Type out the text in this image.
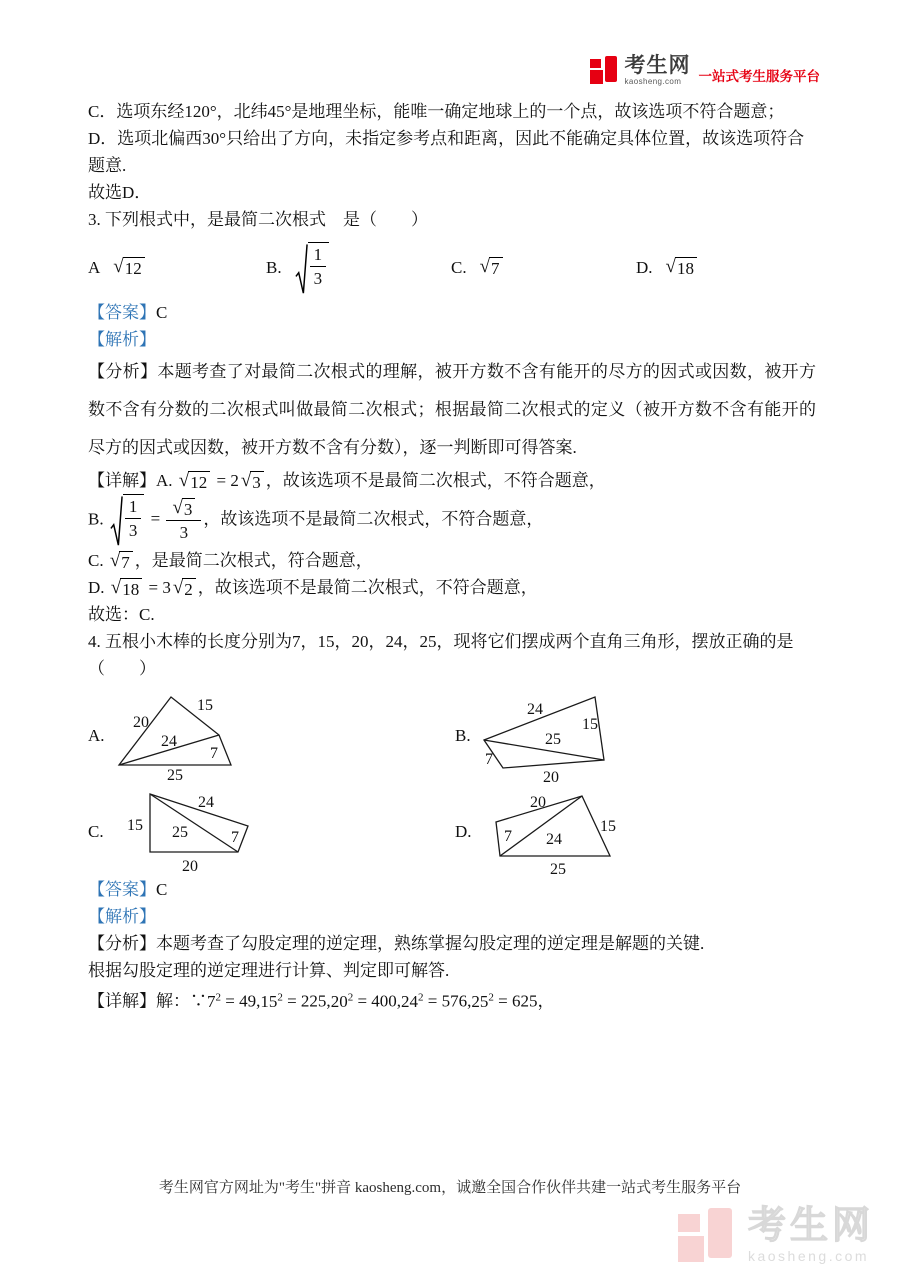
考生网
kaosheng.com	一站式考生服务平台

C．选项东经120°，北纬45°是地理坐标，能唯一确定地球上的一个点，故该选项不符合题意；

D．选项北偏西30°只给出了方向，未指定参考点和距离，因此不能确定具体位置，故该选项符合题意.

故选D．

3. 下列根式中，是最简二次根式　是（　　）

A √ 12	B. $\frac{1}{3}$	C. √ 7	D. √ 18

【答案】C

【解析】

【分析】本题考查了对最简二次根式的理解，被开方数不含有能开的尽方的因式或因数，被开方数不含有分数的二次根式叫做最简二次根式；根据最简二次根式的定义（被开方数不含有能开的尽方的因式或因数，被开方数不含有分数），逐一判断即可得答案.

【详解】A. √ 12 = 2 √ 3 ，故该选项不是最简二次根式，不符合题意，

B. $\frac{1}{3} = \frac{√ 3}{3}$ ，故该选项不是最简二次根式，不符合题意，

C. √ 7 ，是最简二次根式，符合题意，

D. √ 18 = 3 √ 2 ，故该选项不是最简二次根式，不符合题意，

故选：C.

4. 五根小木棒的长度分别为7，15，20，24，25，现将它们摆成两个直角三角形，摆放正确的是（　　）

A.
20
15
24
7
25
B.
24
15
25
7
20
C. 15
24
25	7
20
D.
20
7 24
15
25

【答案】C

【解析】

【分析】本题考查了勾股定理的逆定理，熟练掌握勾股定理的逆定理是解题的关键.

根据勾股定理的逆定理进行计算、判定即可解答.

【详解】解：$\because 7^2 = 49,15^2 = 225,20^2 = 400,24^2 = 576,25^2 = 625$，

考生网官方网址为"考生"拼音 kaosheng.com，诚邀全国合作伙伴共建一站式考生服务平台
考生网
kaosheng.com
